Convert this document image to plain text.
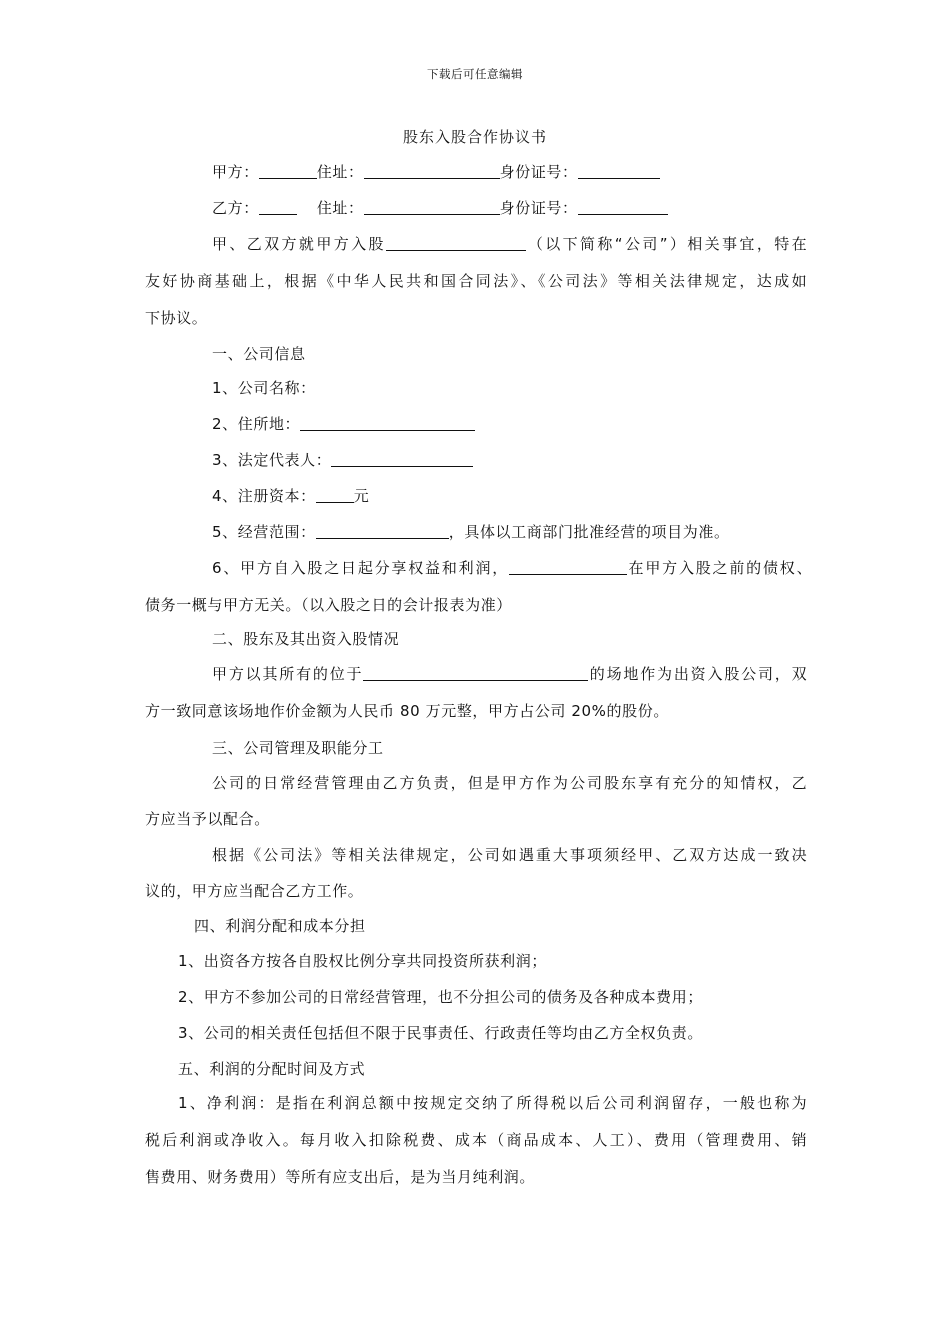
下载后可任意编辑
股东入股合作协议书
甲方：	住址：	身份证号：
乙方：	住址：	身份证号：
甲、乙双方就甲方入股	（以下简称“公司”）相关事宜，特在
友好协商基础上，根据《中华人民共和国合同法》、《公司法》等相关法律规定，达成如
下协议。
一、公司信息
1、公司名称：
2、住所地：
3、法定代表人：
4、注册资本：	元
5、经营范围：	，具体以工商部门批准经营的项目为准。
6、甲方自入股之日起分享权益和利润，	在甲方入股之前的债权、
债务一概与甲方无关。（以入股之日的会计报表为准）
二、股东及其出资入股情况
甲方以其所有的位于	的场地作为出资入股公司，双
方一致同意该场地作价金额为人民币 80 万元整，甲方占公司 20%的股份。
三、公司管理及职能分工
公司的日常经营管理由乙方负责，但是甲方作为公司股东享有充分的知情权，乙
方应当予以配合。
根据《公司法》等相关法律规定，公司如遇重大事项须经甲、乙双方达成一致决
议的，甲方应当配合乙方工作。
四、利润分配和成本分担
1、出资各方按各自股权比例分享共同投资所获利润；
2、甲方不参加公司的日常经营管理，也不分担公司的债务及各种成本费用；
3、公司的相关责任包括但不限于民事责任、行政责任等均由乙方全权负责。
五、利润的分配时间及方式
1、净利润：是指在利润总额中按规定交纳了所得税以后公司利润留存，一般也称为
税后利润或净收入。每月收入扣除税费、成本（商品成本、人工）、费用（管理费用、销
售费用、财务费用）等所有应支出后，是为当月纯利润。
